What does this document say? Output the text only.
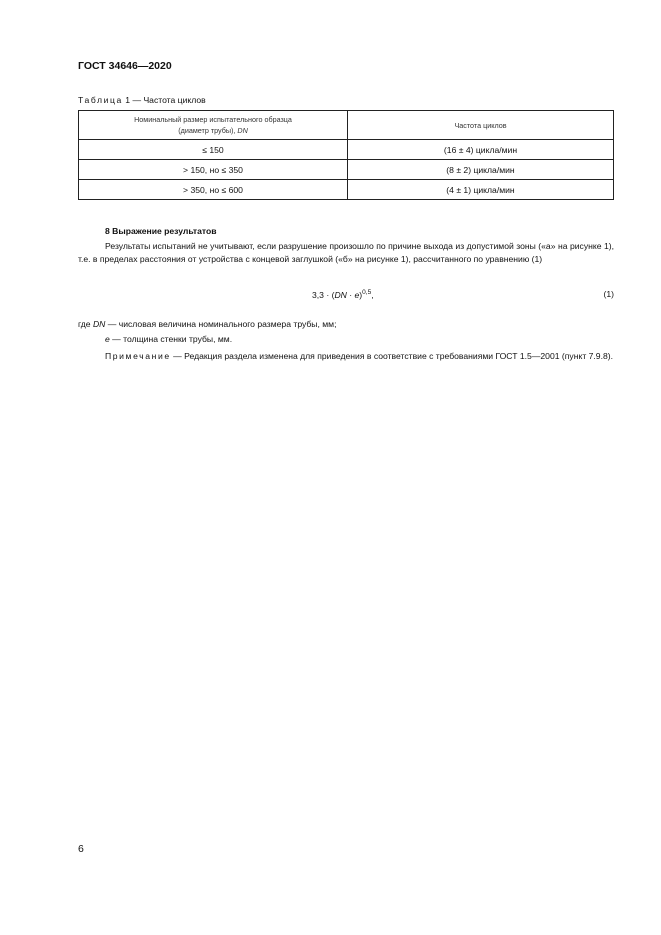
ГОСТ 34646—2020
Таблица 1 — Частота циклов
Номинальный размер испытательного образца
(диаметр трубы), DN	Частота циклов
≤ 150	(16 ± 4) цикла/мин
> 150, но ≤ 350	(8 ± 2) цикла/мин
> 350, но ≤ 600	(4 ± 1) цикла/мин
8 Выражение результатов
Результаты испытаний не учитывают, если разрушение произошло по причине выхода из допустимой зоны («а» на рисунке 1), т.е. в пределах расстояния от устройства с концевой заглушкой («б» на рисунке 1), рассчитанного по уравнению (1)
3,3 · (DN · e)$^{0,5}$,	(1)
где DN — числовая величина номинального размера трубы, мм;
e — толщина стенки трубы, мм.
Примечание — Редакция раздела изменена для приведения в соответствие с требованиями ГОСТ 1.5—2001 (пункт 7.9.8).
6
